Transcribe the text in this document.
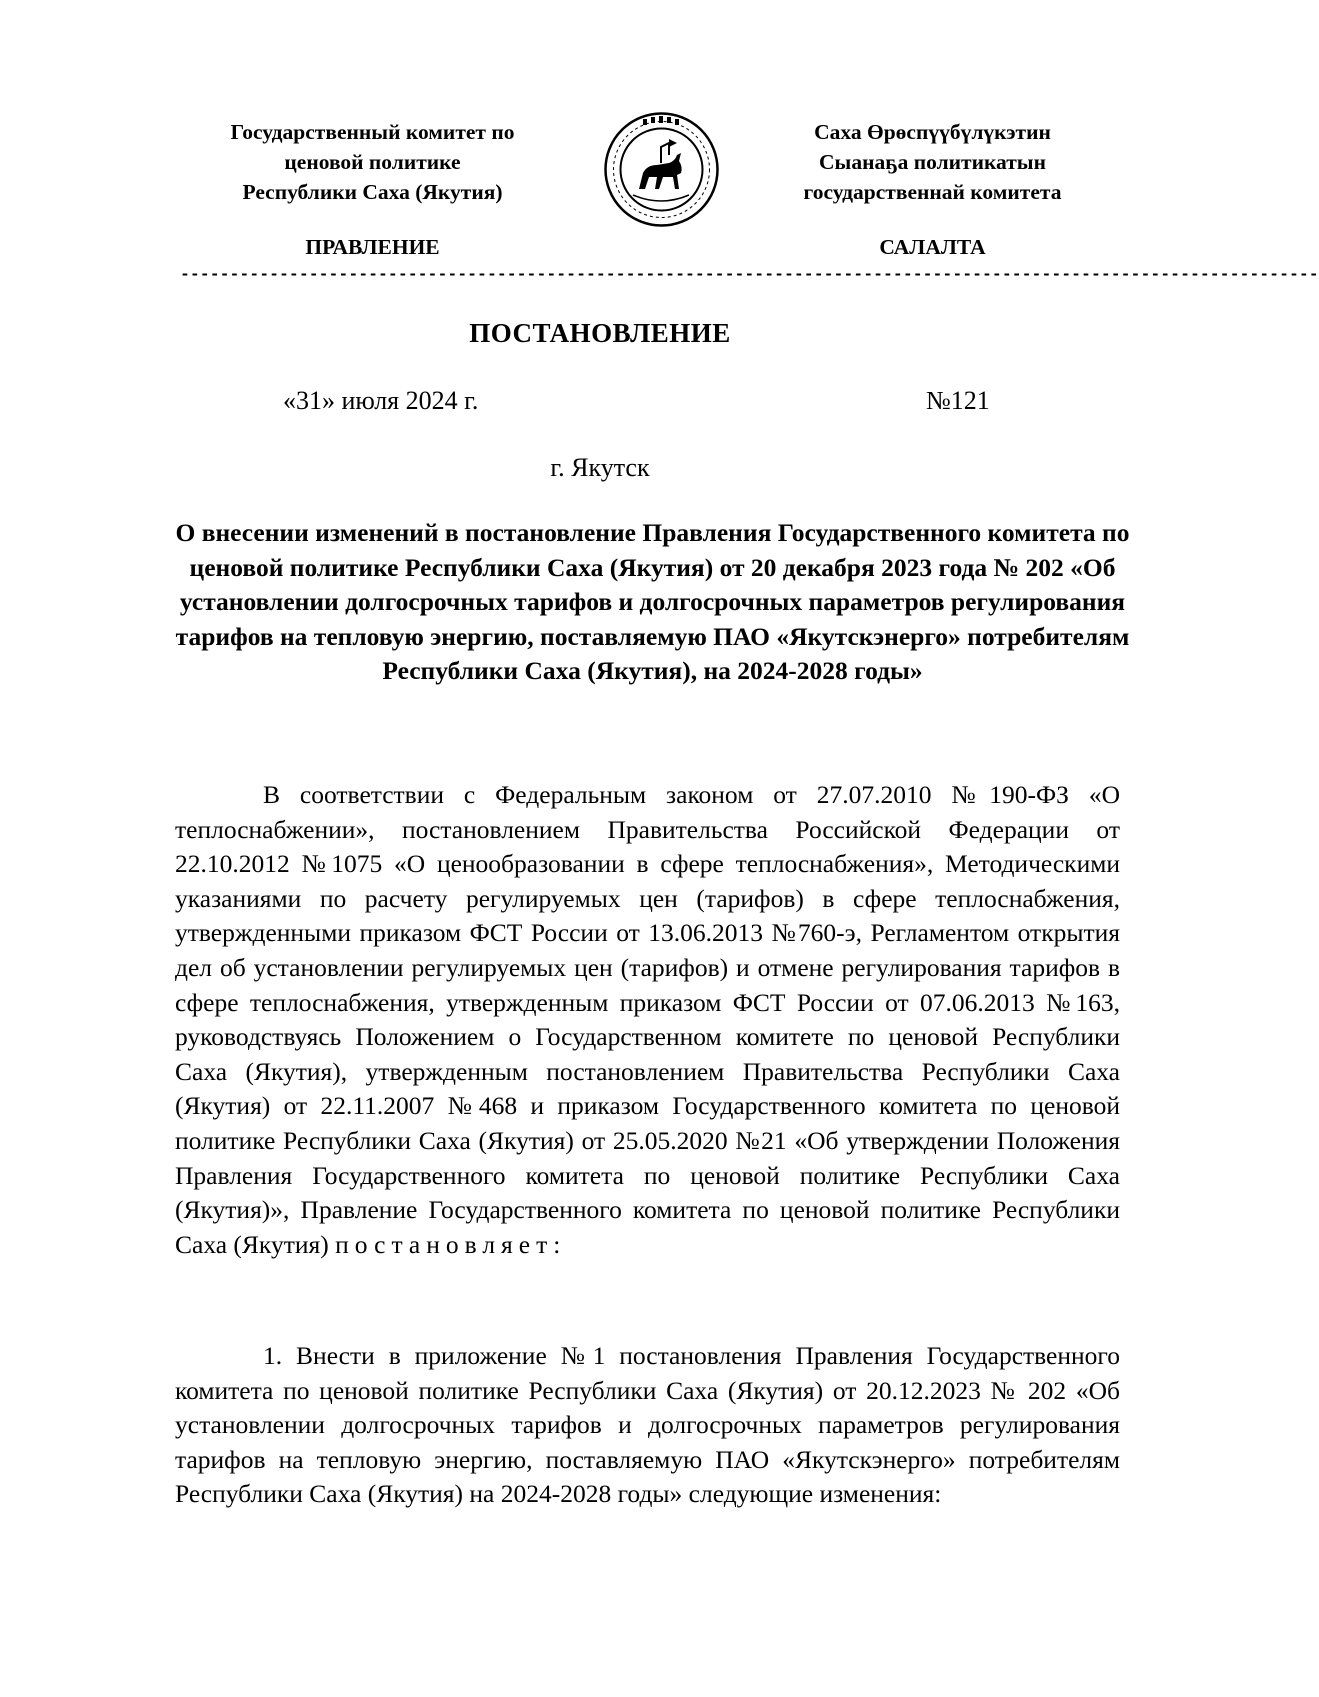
Государственный комитет по
ценовой политике
Республики Саха (Якутия)
Саха Өрөспүүбүлүкэтин
Сыанаҕа политикатын
государственнай комитета
ПРАВЛЕНИЕ	САЛАЛТА
-------------------------------------------------------------------------------------------------------------------
ПОСТАНОВЛЕНИЕ
«31» июля 2024 г.	№121
г. Якутск
О внесении изменений в постановление Правления Государственного комитета по ценовой политике Республики Саха (Якутия) от 20 декабря 2023 года № 202 «Об установлении долгосрочных тарифов и долгосрочных параметров регулирования тарифов на тепловую энергию, поставляемую ПАО «Якутскэнерго» потребителям Республики Саха (Якутия), на 2024-2028 годы»
В соответствии с Федеральным законом от 27.07.2010 №190-ФЗ «О теплоснабжении», постановлением Правительства Российской Федерации от 22.10.2012 №1075 «О ценообразовании в сфере теплоснабжения», Методическими указаниями по расчету регулируемых цен (тарифов) в сфере теплоснабжения, утвержденными приказом ФСТ России от 13.06.2013 №760-э, Регламентом открытия дел об установлении регулируемых цен (тарифов) и отмене регулирования тарифов в сфере теплоснабжения, утвержденным приказом ФСТ России от 07.06.2013 №163, руководствуясь Положением о Государственном комитете по ценовой Республики Саха (Якутия), утвержденным постановлением Правительства Республики Саха (Якутия) от 22.11.2007 №468 и приказом Государственного комитета по ценовой политике Республики Саха (Якутия) от 25.05.2020 №21 «Об утверждении Положения Правления Государственного комитета по ценовой политике Республики Саха (Якутия)», Правление Государственного комитета по ценовой политике Республики Саха (Якутия) постановляет:
1. Внести в приложение №1 постановления Правления Государственного комитета по ценовой политике Республики Саха (Якутия) от 20.12.2023 № 202 «Об установлении долгосрочных тарифов и долгосрочных параметров регулирования тарифов на тепловую энергию, поставляемую ПАО «Якутскэнерго» потребителям Республики Саха (Якутия) на 2024-2028 годы» следующие изменения:
